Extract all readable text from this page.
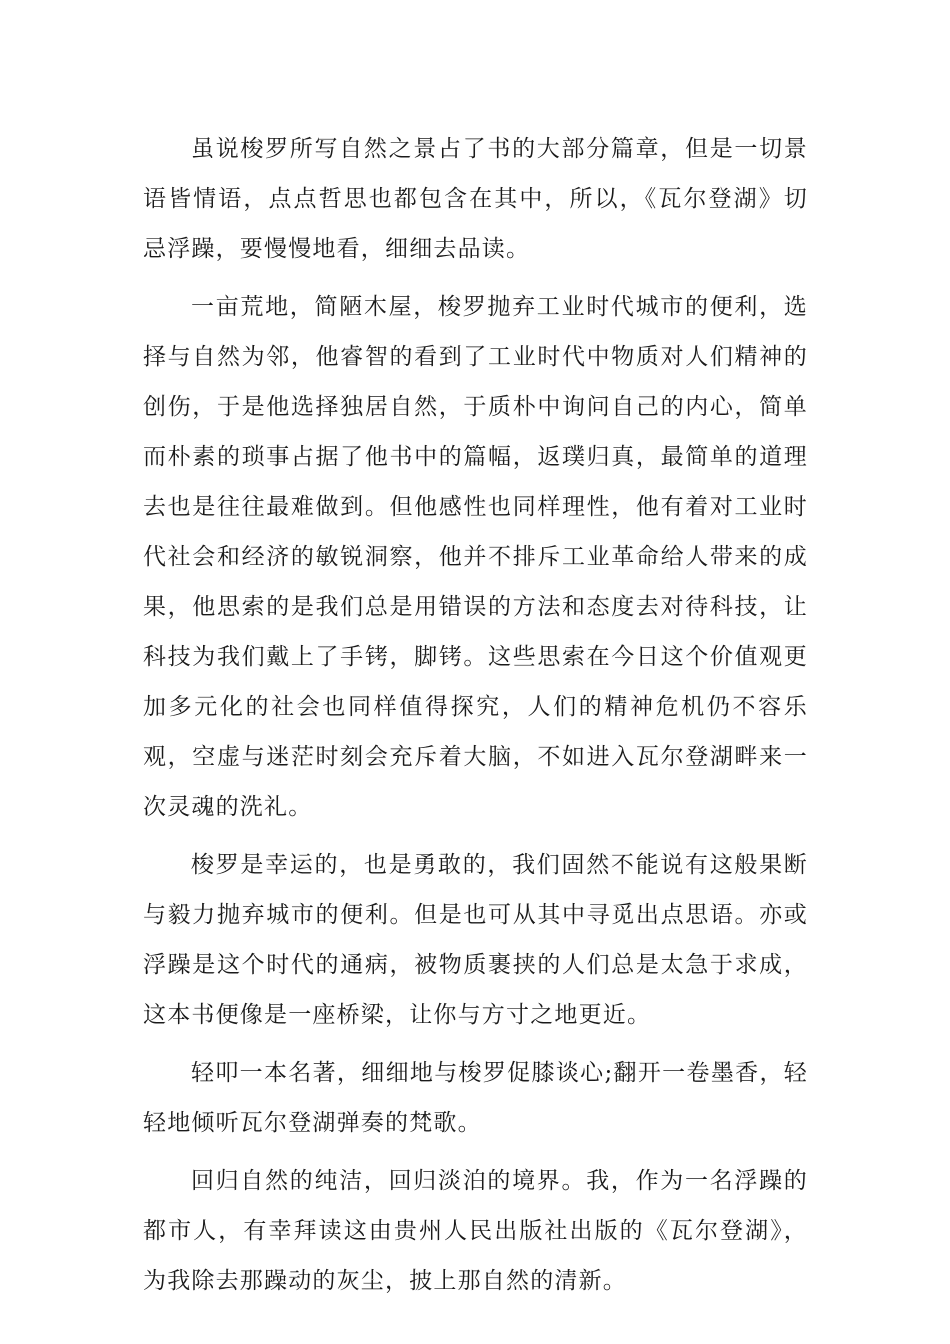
虽说梭罗所写自然之景占了书的大部分篇章，但是一切景语皆情语，点点哲思也都包含在其中，所以，《瓦尔登湖》切忌浮躁，要慢慢地看，细细去品读。

一亩荒地，简陋木屋，梭罗抛弃工业时代城市的便利，选择与自然为邻，他睿智的看到了工业时代中物质对人们精神的创伤，于是他选择独居自然，于质朴中询问自己的内心，简单而朴素的琐事占据了他书中的篇幅，返璞归真，最简单的道理去也是往往最难做到。但他感性也同样理性，他有着对工业时代社会和经济的敏锐洞察，他并不排斥工业革命给人带来的成果，他思索的是我们总是用错误的方法和态度去对待科技，让科技为我们戴上了手铐，脚铐。这些思索在今日这个价值观更加多元化的社会也同样值得探究，人们的精神危机仍不容乐观，空虚与迷茫时刻会充斥着大脑，不如进入瓦尔登湖畔来一次灵魂的洗礼。

梭罗是幸运的，也是勇敢的，我们固然不能说有这般果断与毅力抛弃城市的便利。但是也可从其中寻觅出点思语。亦或浮躁是这个时代的通病，被物质裹挟的人们总是太急于求成，这本书便像是一座桥梁，让你与方寸之地更近。

轻叩一本名著，细细地与梭罗促膝谈心;翻开一卷墨香，轻轻地倾听瓦尔登湖弹奏的梵歌。

回归自然的纯洁，回归淡泊的境界。我，作为一名浮躁的都市人，有幸拜读这由贵州人民出版社出版的《瓦尔登湖》，为我除去那躁动的灰尘，披上那自然的清新。
